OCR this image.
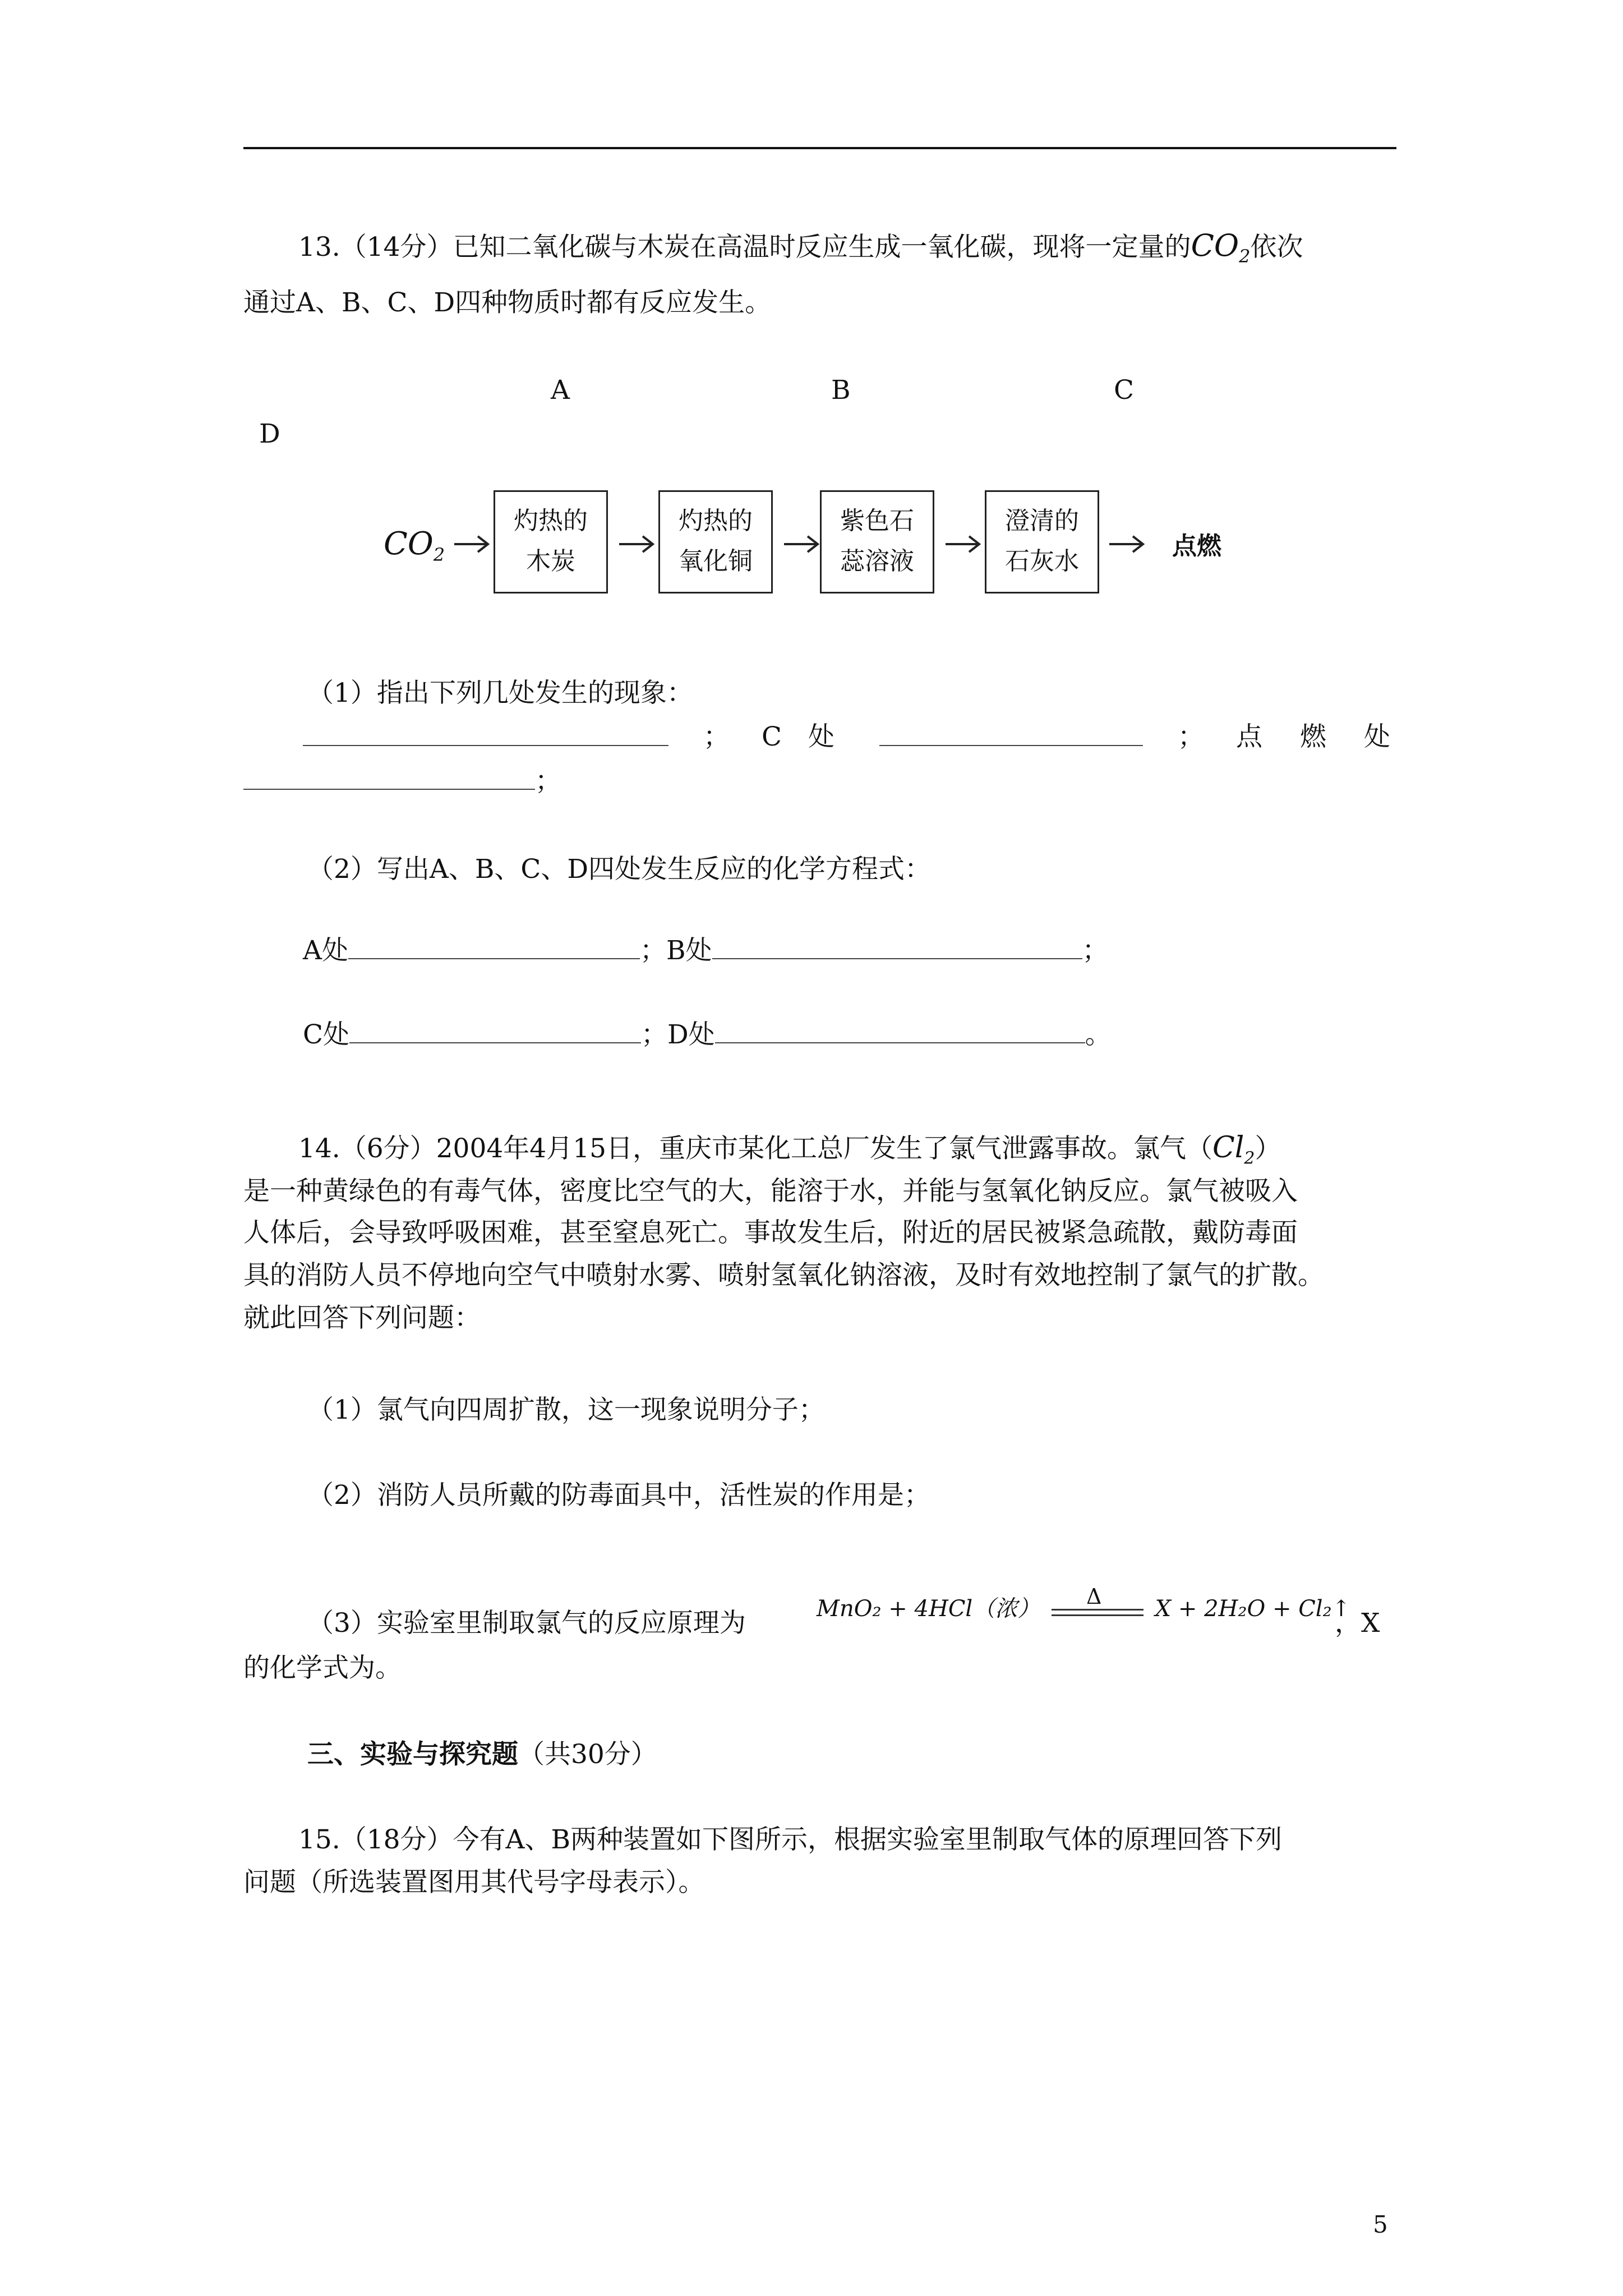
13.（14分）已知二氧化碳与木炭在高温时反应生成一氧化碳，现将一定量的$CO_2$依次
通过A、B、C、D四种物质时都有反应发生。
A	B	C
D
$CO_2$
灼热的
木炭
灼热的
氧化铜
紫色石
蕊溶液
澄清的
石灰水
点燃
（1）指出下列几处发生的现象：
； C　处	； 点　燃　处
；
（2）写出A、B、C、D四处发生反应的化学方程式：
A处	；B处	；
C处	；D处	。
14.（6分）2004年4月15日，重庆市某化工总厂发生了氯气泄露事故。氯气$(Cl_2)$
是一种黄绿色的有毒气体，密度比空气的大，能溶于水，并能与氢氧化钠反应。氯气被吸入
人体后，会导致呼吸困难，甚至窒息死亡。事故发生后，附近的居民被紧急疏散，戴防毒面
具的消防人员不停地向空气中喷射水雾、喷射氢氧化钠溶液，及时有效地控制了氯气的扩散。
就此回答下列问题：
（1）氯气向四周扩散，这一现象说明分子；
（2）消防人员所戴的防毒面具中，活性炭的作用是；
（3）实验室里制取氯气的反应原理为	MnO₂ + 4HCl（浓） Δ X + 2H₂O + Cl₂↑
，X
的化学式为。
三、实验与探究题（共30分）
15.（18分）今有A、B两种装置如下图所示，根据实验室里制取气体的原理回答下列
问题（所选装置图用其代号字母表示）。
5
